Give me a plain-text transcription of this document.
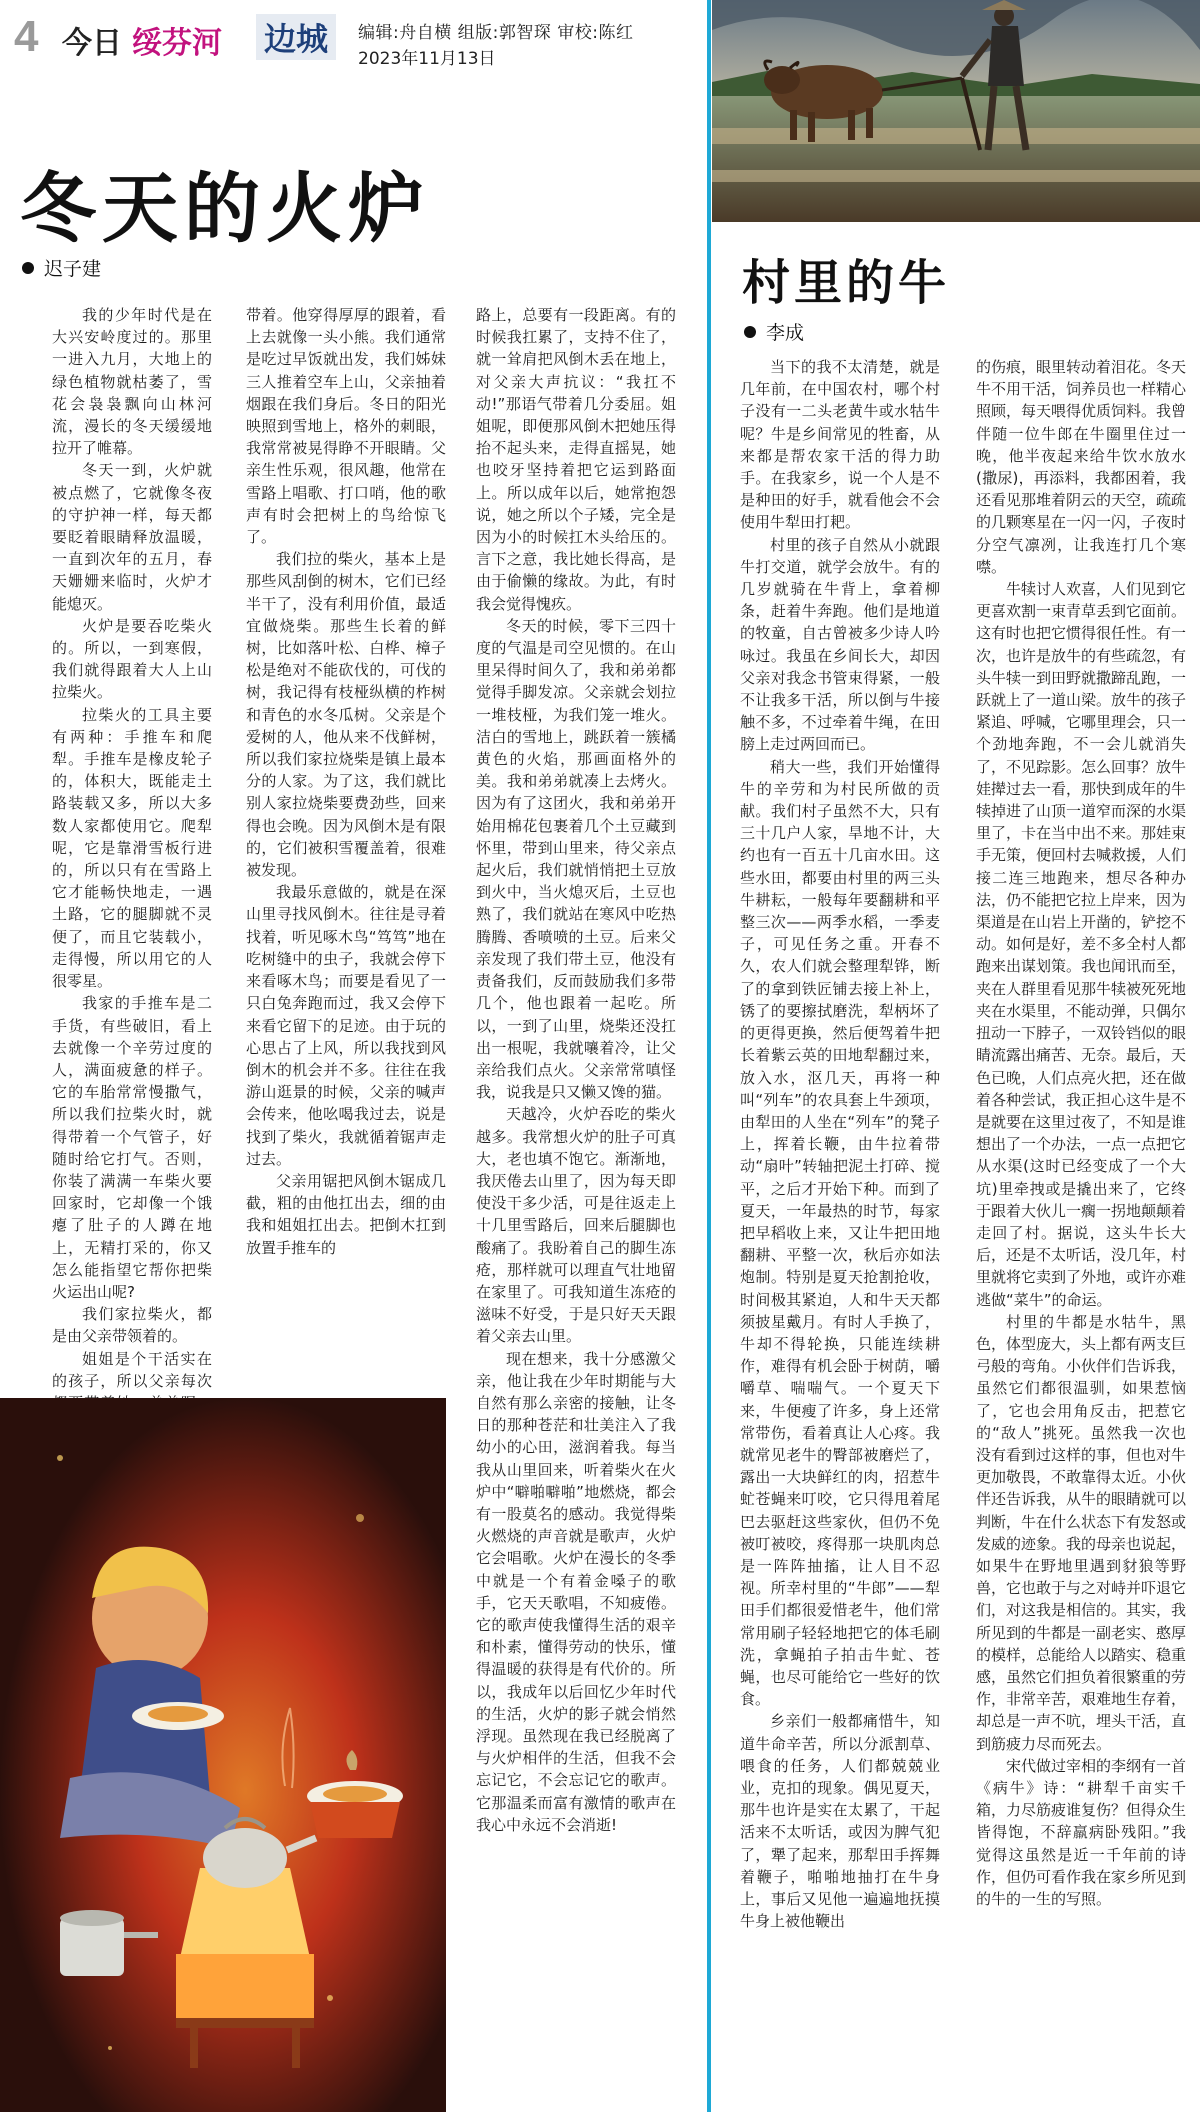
4 今日 绥芬河 边城	编辑:舟自横 组版:郭智琛 审校:陈红
2023年11月13日
冬天的火炉
迟子建

我的少年时代是在大兴安岭度过的。那里一进入九月，大地上的绿色植物就枯萎了，雪花会袅袅飘向山林河流，漫长的冬天缓缓地拉开了帷幕。

冬天一到，火炉就被点燃了，它就像冬夜的守护神一样，每天都要眨着眼睛释放温暖，一直到次年的五月，春天姗姗来临时，火炉才能熄灭。

火炉是要吞吃柴火的。所以，一到寒假，我们就得跟着大人上山拉柴火。

拉柴火的工具主要有两种：手推车和爬犁。手推车是橡皮轮子的，体积大，既能走土路装载又多，所以大多数人家都使用它。爬犁呢，它是靠滑雪板行进的，所以只有在雪路上它才能畅快地走，一遇土路，它的腿脚就不灵便了，而且它装载小，走得慢，所以用它的人很零星。

我家的手推车是二手货，有些破旧，看上去就像一个辛劳过度的人，满面疲惫的样子。它的车胎常常慢撒气，所以我们拉柴火时，就得带着一个气管子，好随时给它打气。否则，你装了满满一车柴火要回家时，它却像一个饿瘪了肚子的人蹲在地上，无精打采的，你又怎么能指望它帮你把柴火运出山呢?

我们家拉柴火，都是由父亲带领着的。

姐姐是个干活实在的孩子，所以父亲每次

带着。他穿得厚厚的跟着，看上去就像一头小熊。我们通常是吃过早饭就出发，我们姊妹三人推着空车上山，父亲抽着烟跟在我们身后。冬日的阳光映照到雪地上，格外的刺眼，我常常被晃得睁不开眼睛。父亲生性乐观，很风趣，他常在雪路上唱歌、打口哨，他的歌声有时会把树上的鸟给惊飞了。

我们拉的柴火，基本上是那些风刮倒的树木，它们已经半干了，没有利用价值，最适宜做烧柴。那些生长着的鲜树，比如落叶松、白桦、樟子松是绝对不能砍伐的，可伐的树，我记得有枝桠纵横的柞树和青色的水冬瓜树。父亲是个爱树的人，他从来不伐鲜树，所以我们家拉烧柴是镇上最本分的人家。为了这，我们就比别人家拉烧柴要费劲些，回来得也会晚。因为风倒木是有限的，它们被积雪覆盖着，很难被发现。

我最乐意做的，就是在深山里寻找风倒木。往往是寻着找着，听见啄木鸟“笃笃”地在吃树缝中的虫子，我就会停下来看啄木鸟；而要是看见了一只白兔奔跑而过，我又会停下来看它留下的足迹。由于玩的心思占了上风，所以我找到风倒木的机会并不多。往往在我游山逛景的时候，父亲的喊声会传来，他吆喝我过去，说是找到了柴火，我就循着锯声走过去。

父亲用锯把风倒木锯成几截，粗的由他扛出去，细的由我和姐姐扛出去。把倒木扛到放置手推车的

路上，总要有一段距离。有的时候我扛累了，支持不住了，就一耸肩把风倒木丢在地上，对父亲大声抗议：“我扛不动!”那语气带着几分委屈。姐姐呢，即便那风倒木把她压得抬不起头来，走得直摇晃，她也咬牙坚持着把它运到路面上。所以成年以后，她常抱怨说，她之所以个子矮，完全是因为小的时候扛木头给压的。言下之意，我比她长得高，是由于偷懒的缘故。为此，有时我会觉得愧疚。

冬天的时候，零下三四十度的气温是司空见惯的。在山里呆得时间久了，我和弟弟都觉得手脚发凉。父亲就会划拉一堆枝桠，为我们笼一堆火。洁白的雪地上，跳跃着一簇橘黄色的火焰，那画面格外的美。我和弟弟就凑上去烤火。因为有了这团火，我和弟弟开始用棉花包裹着几个土豆藏到怀里，带到山里来，待父亲点起火后，我们就悄悄把土豆放到火中，当火熄灭后，土豆也熟了，我们就站在寒风中吃热腾腾、香喷喷的土豆。后来父亲发现了我们带土豆，他没有责备我们，反而鼓励我们多带几个，他也跟着一起吃。所以，一到了山里，烧柴还没扛出一根呢，我就嚷着冷，让父亲给我们点火。父亲常常嗔怪我，说我是只又懒又馋的猫。

天越冷，火炉吞吃的柴火越多。我常想火炉的肚子可真大，老也填不饱它。渐渐地，我厌倦去山里了，因为每天即使没干多少活，可是往返走上十几里雪路后，回来后腿脚也酸痛了。我盼着自己的脚生冻疮，那样就可以理直气壮地留在家里了。可我知道生冻疮的滋味不好受，于是只好天天跟着父亲去山里。

现在想来，我十分感激父亲，他让我在少年时期能与大自然有那么亲密的接触，让冬日的那种苍茫和壮美注入了我幼小的心田，滋润着我。每当我从山里回来，听着柴火在火炉中“噼啪噼啪”地燃烧，都会有一股莫名的感动。我觉得柴火燃烧的声音就是歌声，火炉它会唱歌。火炉在漫长的冬季中就是一个有着金嗓子的歌手，它天天歌唱，不知疲倦。它的歌声使我懂得生活的艰辛和朴素，懂得劳动的快乐，懂得温暖的获得是有代价的。所以，我成年以后回忆少年时代的生活，火炉的影子就会悄然浮现。虽然现在我已经脱离了与火炉相伴的生活，但我不会忘记它，不会忘记它的歌声。它那温柔而富有激情的歌声在我心中永远不会消逝!

村里的牛
李成

当下的我不太清楚，就是几年前，在中国农村，哪个村子没有一二头老黄牛或水牯牛呢？牛是乡间常见的牲畜，从来都是帮农家干活的得力助手。在我家乡，说一个人是不是种田的好手，就看他会不会使用牛犁田打耙。

村里的孩子自然从小就跟牛打交道，就学会放牛。有的几岁就骑在牛背上，拿着柳条，赶着牛奔跑。他们是地道的牧童，自古曾被多少诗人吟咏过。我虽在乡间长大，却因父亲对我念书管束得紧，一般不让我多干活，所以倒与牛接触不多，不过牵着牛绳，在田膀上走过两回而已。

稍大一些，我们开始懂得牛的辛劳和为村民所做的贡献。我们村子虽然不大，只有三十几户人家，旱地不计，大约也有一百五十几亩水田。这些水田，都要由村里的两三头牛耕耘，一般每年要翻耕和平整三次——两季水稻，一季麦子，可见任务之重。开春不久，农人们就会整理犁铧，断了的拿到铁匠铺去接上补上，锈了的要擦拭磨洗，犁柄坏了的更得更换，然后便驾着牛把长着紫云英的田地犁翻过来，放入水，沤几天，再将一种叫“列车”的农具套上牛颈项，由犁田的人坐在“列车”的凳子上，挥着长鞭，由牛拉着带动“扇叶”转轴把泥土打碎、搅平，之后才开始下种。而到了夏天，一年最热的时节，每家把早稻收上来，又让牛把田地翻耕、平整一次，秋后亦如法炮制。特别是夏天抢割抢收，时间极其紧迫，人和牛天天都须披星戴月。有时人手换了，牛却不得轮换，只能连续耕作，难得有机会卧于树荫，嚼嚼草、喘喘气。一个夏天下来，牛便瘦了许多，身上还常常带伤，看着真让人心疼。我就常见老牛的臀部被磨烂了，露出一大块鲜红的肉，招惹牛虻苍蝇来叮咬，它只得甩着尾巴去驱赶这些家伙，但仍不免被叮被咬，疼得那一块肌肉总是一阵阵抽搐，让人目不忍视。所幸村里的“牛郎”——犁田手们都很爱惜老牛，他们常常用刷子轻轻地把它的体毛刷洗，拿蝇拍子拍击牛虻、苍蝇，也尽可能给它一些好的饮食。

乡亲们一般都痛惜牛，知道牛命辛苦，所以分派割草、喂食的任务，人们都兢兢业业，克扣的现象。偶见夏天，那牛也许是实在太累了，干起活来不太听话，或因为脾气犯了，犟了起来，那犁田手挥舞着鞭子，啪啪地抽打在牛身上，事后又见他一遍遍地抚摸牛身上被他鞭出

的伤痕，眼里转动着泪花。冬天牛不用干活，饲养员也一样精心照顾，每天喂得优质饲料。我曾伴随一位牛郎在牛圈里住过一晚，他半夜起来给牛饮水放水(撒尿)，再添料，我都困着，我还看见那堆着阴云的天空，疏疏的几颗寒星在一闪一闪，子夜时分空气凛冽，让我连打几个寒噤。

牛犊讨人欢喜，人们见到它更喜欢割一束青草丢到它面前。这有时也把它惯得很任性。有一次，也许是放牛的有些疏忽，有头牛犊一到田野就撒蹄乱跑，一跃就上了一道山梁。放牛的孩子紧追、呼喊，它哪里理会，只一个劲地奔跑，不一会儿就消失了，不见踪影。怎么回事？放牛娃撵过去一看，那快到成年的牛犊掉进了山顶一道窄而深的水渠里了，卡在当中出不来。那娃束手无策，便回村去喊救援，人们接二连三地跑来，想尽各种办法，仍不能把它拉上岸来，因为渠道是在山岩上开凿的，铲挖不动。如何是好，差不多全村人都跑来出谋划策。我也闻讯而至，夹在人群里看见那牛犊被死死地夹在水渠里，不能动弹，只偶尔扭动一下脖子，一双铃铛似的眼睛流露出痛苦、无奈。最后，天色已晚，人们点亮火把，还在做着各种尝试，我正担心这牛是不是就要在这里过夜了，不知是谁想出了一个办法，一点一点把它从水渠(这时已经变成了一个大坑)里牵拽或是撬出来了，它终于跟着大伙儿一瘸一拐地颠颠着走回了村。据说，这头牛长大后，还是不太听话，没几年，村里就将它卖到了外地，或许亦难逃做“菜牛”的命运。

村里的牛都是水牯牛，黑色，体型庞大，头上都有两支巨弓般的弯角。小伙伴们告诉我，虽然它们都很温驯，如果惹恼了，它也会用角反击，把惹它的“敌人”挑死。虽然我一次也没有看到过这样的事，但也对牛更加敬畏，不敢靠得太近。小伙伴还告诉我，从牛的眼睛就可以判断，牛在什么状态下有发怒或发威的迹象。我的母亲也说起，如果牛在野地里遇到豺狼等野兽，它也敢于与之对峙并吓退它们，对这我是相信的。其实，我所见到的牛都是一副老实、憨厚的模样，总能给人以踏实、稳重感，虽然它们担负着很繁重的劳作，非常辛苦，艰难地生存着，却总是一声不吭，埋头干活，直到筋疲力尽而死去。

宋代做过宰相的李纲有一首《病牛》诗：“耕犁千亩实千箱，力尽筋疲谁复伤？但得众生皆得饱，不辞羸病卧残阳。”我觉得这虽然是近一千年前的诗作，但仍可看作我在家乡所见到的牛的一生的写照。
